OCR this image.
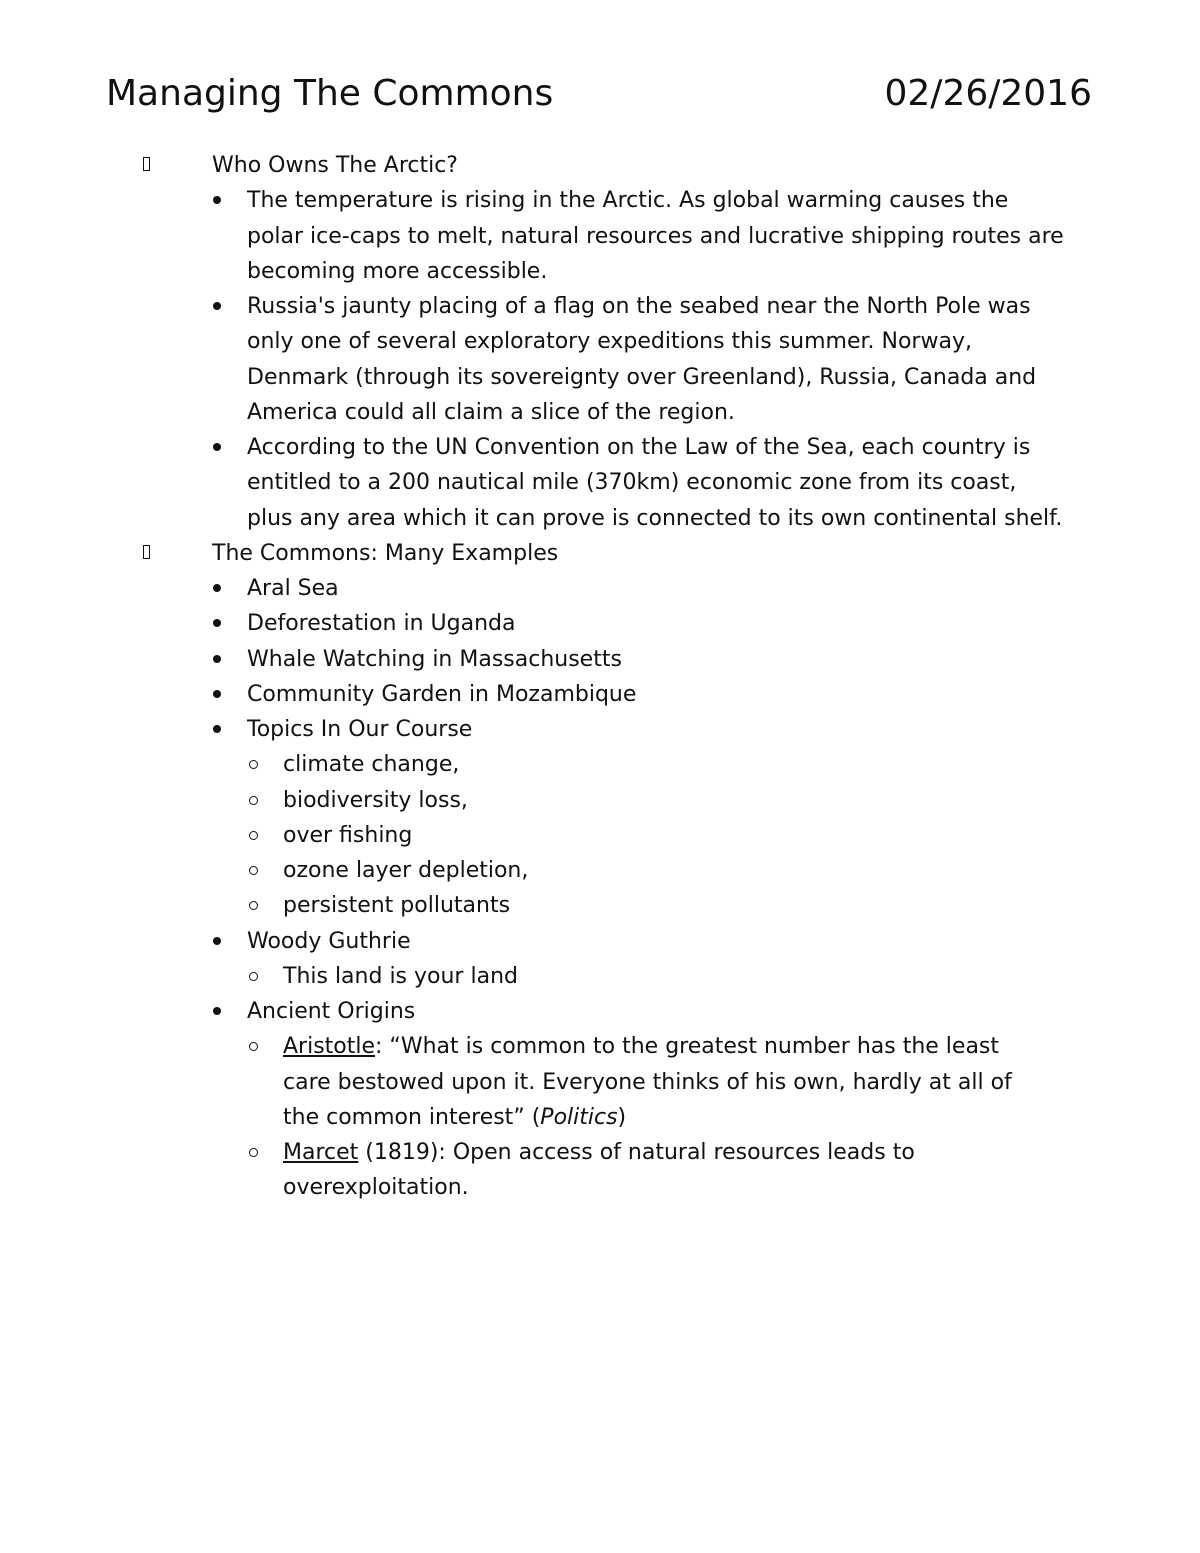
Managing The Commons	02/26/2016
Who Owns The Arctic?
The temperature is rising in the Arctic. As global warming causes the polar ice-caps to melt, natural resources and lucrative shipping routes are becoming more accessible.
Russia's jaunty placing of a flag on the seabed near the North Pole was only one of several exploratory expeditions this summer. Norway, Denmark (through its sovereignty over Greenland), Russia, Canada and America could all claim a slice of the region.
According to the UN Convention on the Law of the Sea, each country is entitled to a 200 nautical mile (370km) economic zone from its coast, plus any area which it can prove is connected to its own continental shelf.
The Commons: Many Examples
Aral Sea
Deforestation in Uganda
Whale Watching in Massachusetts
Community Garden in Mozambique
Topics In Our Course
climate change,
biodiversity loss,
over fishing
ozone layer depletion,
persistent pollutants
Woody Guthrie
This land is your land
Ancient Origins
Aristotle: “What is common to the greatest number has the least care bestowed upon it. Everyone thinks of his own, hardly at all of the common interest” (Politics)
Marcet (1819): Open access of natural resources leads to overexploitation.
